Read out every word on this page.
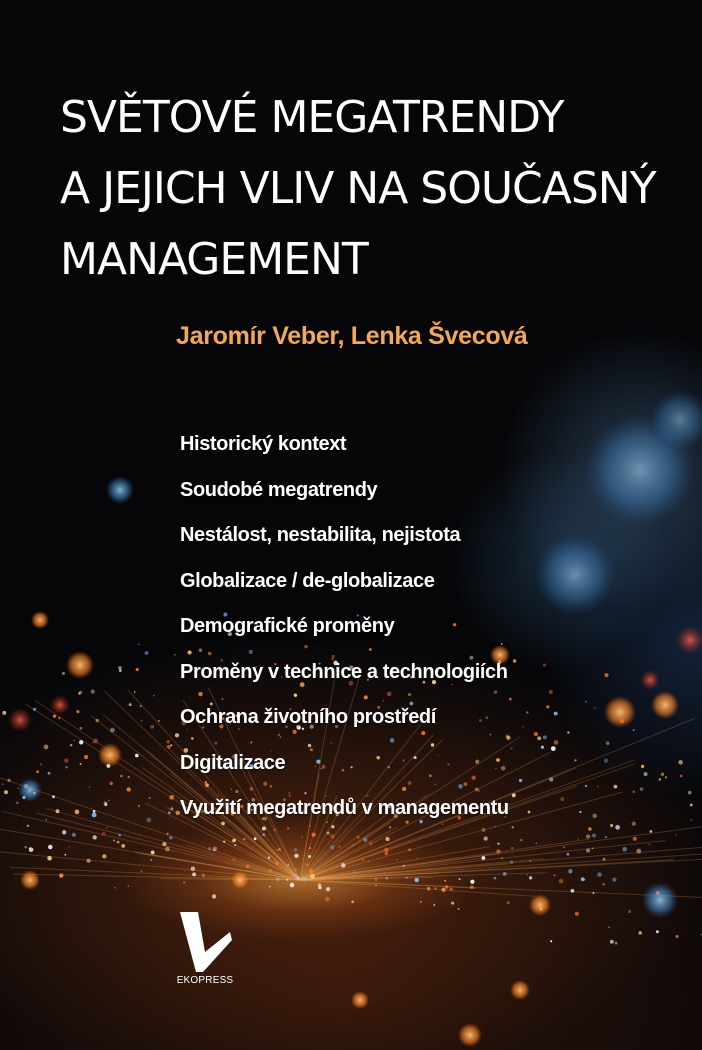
SVĚTOVÉ MEGATRENDY
A JEJICH VLIV NA SOUČASNÝ
MANAGEMENT
Jaromír Veber, Lenka Švecová
Historický kontext
Soudobé megatrendy
Nestálost, nestabilita, nejistota
Globalizace / de-globalizace
Demografické proměny
Proměny v technice a technologiích
Ochrana životního prostředí
Digitalizace
Využití megatrendů v managementu
EKOPRESS
